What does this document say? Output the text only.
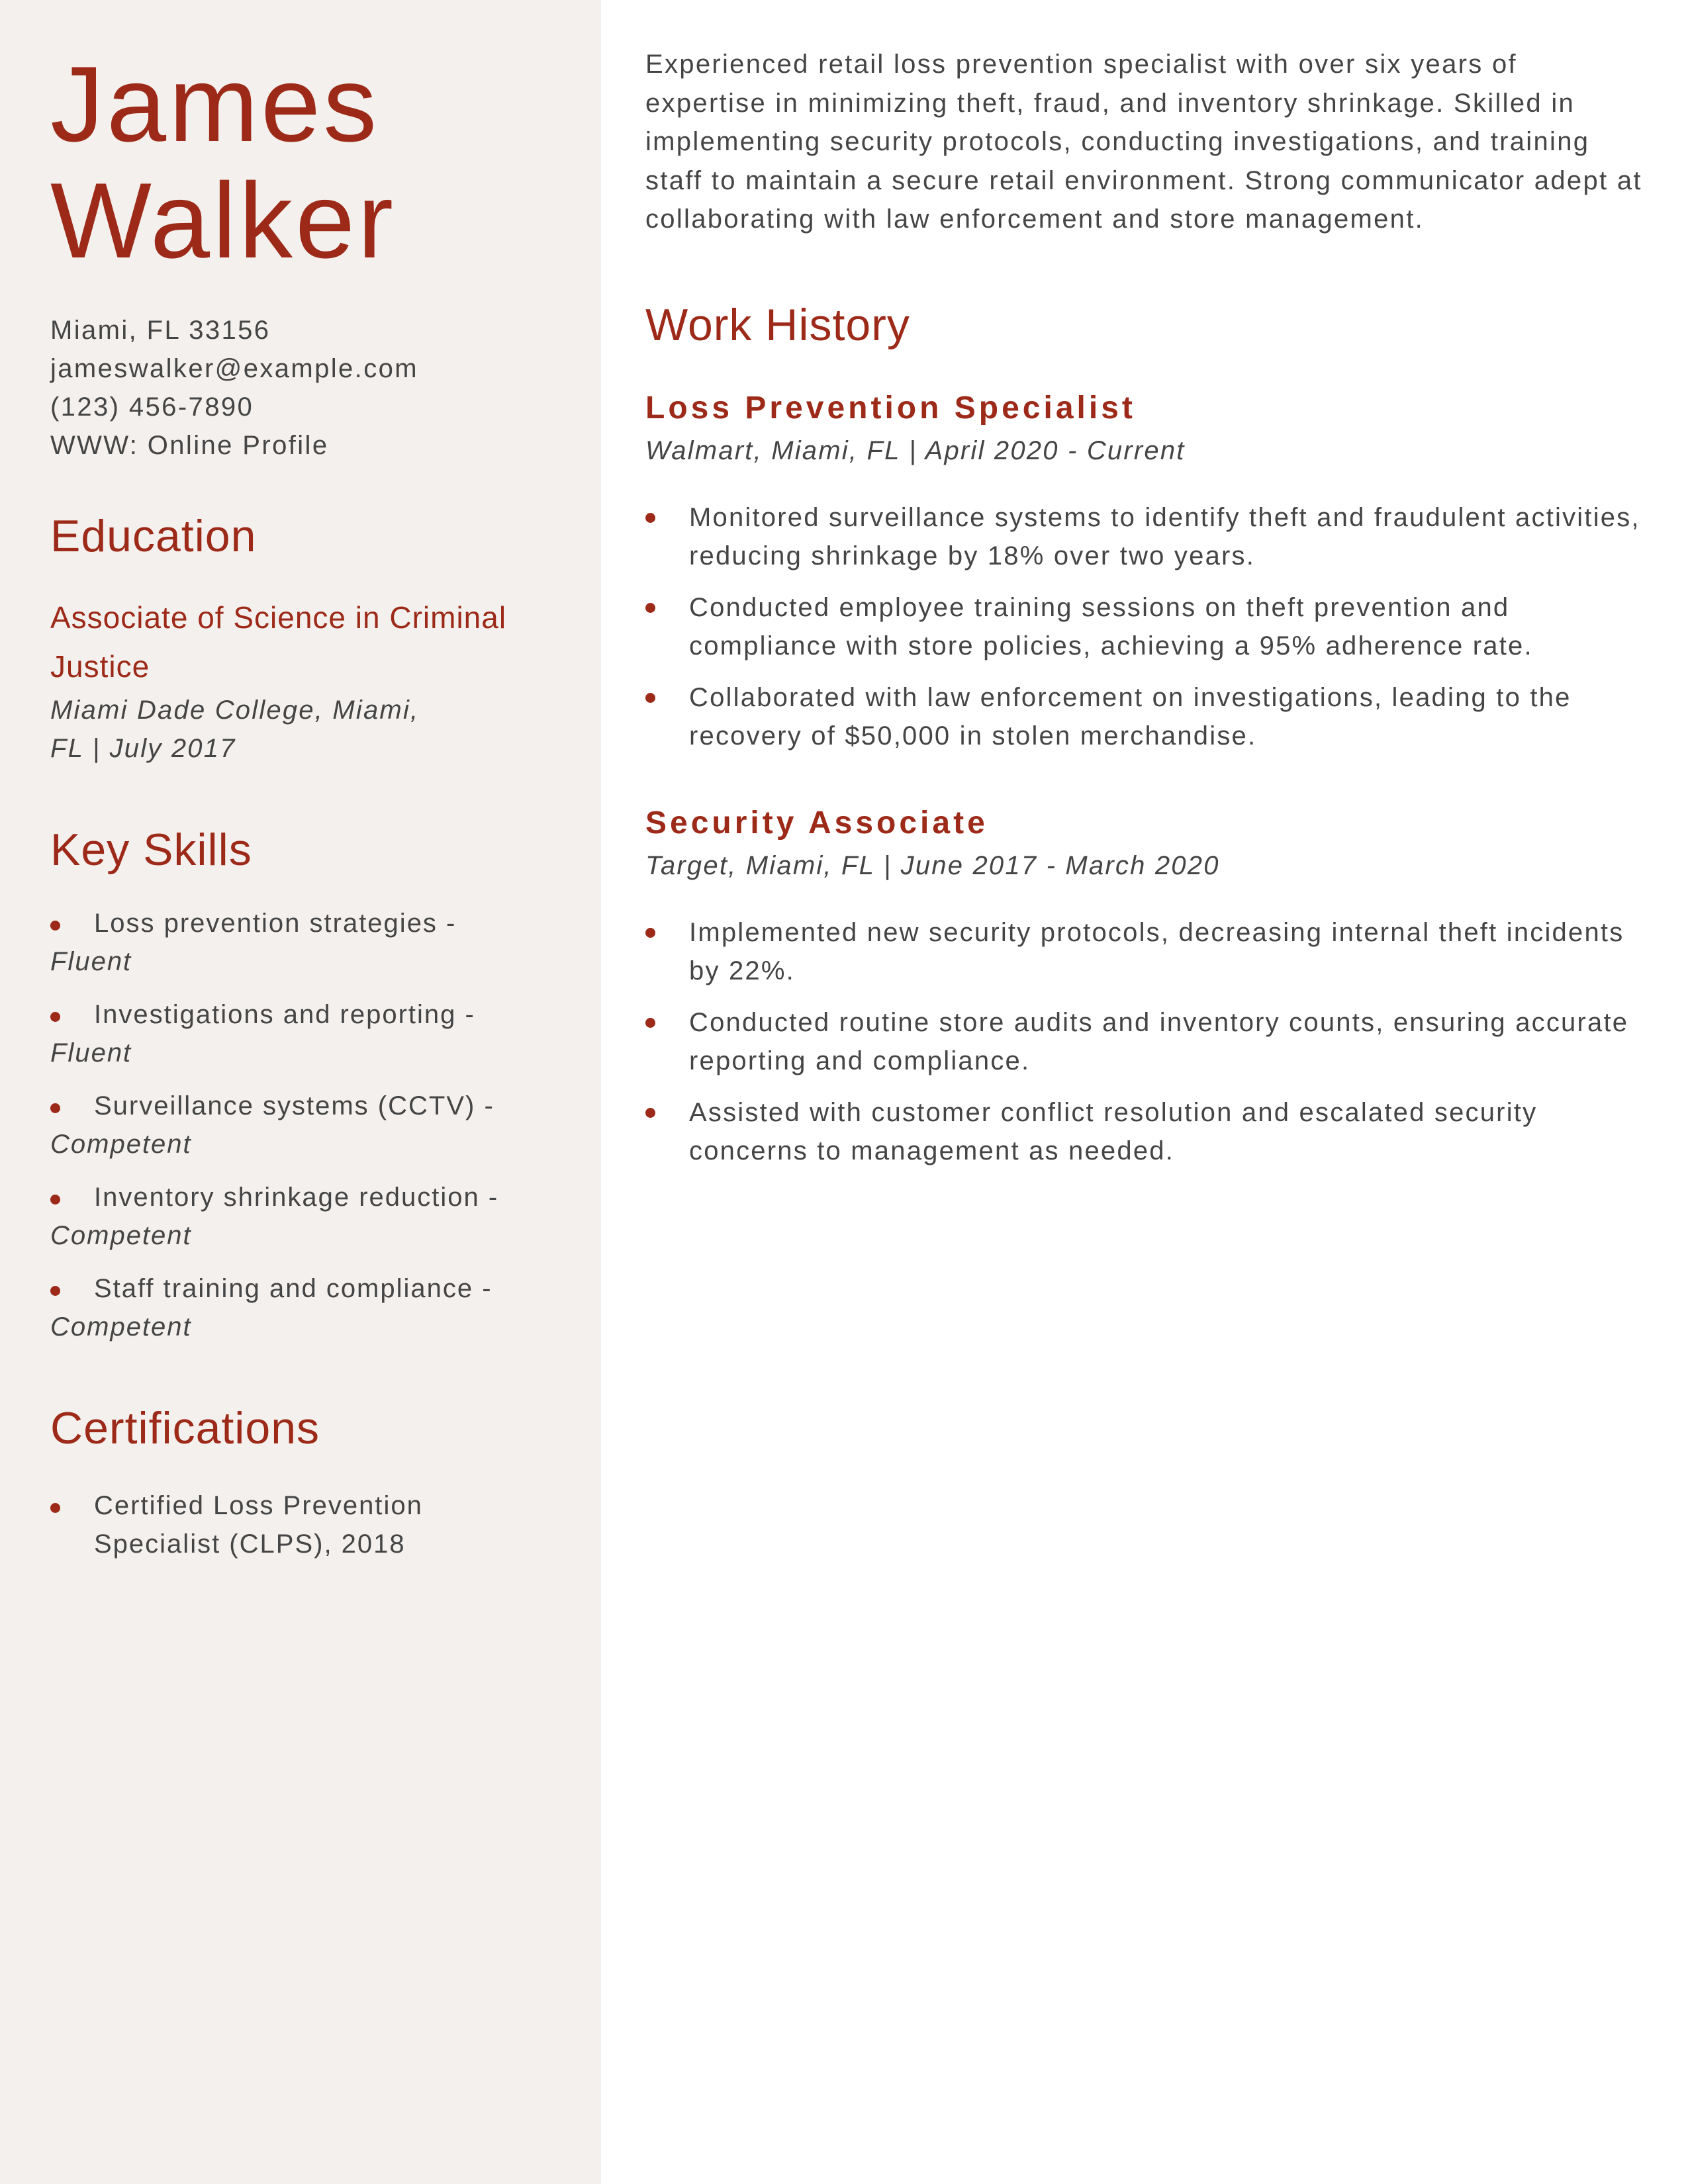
James
Walker
Miami, FL 33156
jameswalker@example.com
(123) 456-7890
WWW: Online Profile
Education
Associate of Science in Criminal Justice
Miami Dade College, Miami, FL | July 2017
Key Skills
Loss prevention strategies -
Fluent
Investigations and reporting -
Fluent
Surveillance systems (CCTV) -
Competent
Inventory shrinkage reduction -
Competent
Staff training and compliance -
Competent
Certifications
Certified Loss Prevention Specialist (CLPS), 2018

Experienced retail loss prevention specialist with over six years of expertise in minimizing theft, fraud, and inventory shrinkage. Skilled in implementing security protocols, conducting investigations, and training staff to maintain a secure retail environment. Strong communicator adept at collaborating with law enforcement and store management.

Work History
Loss Prevention Specialist
Walmart, Miami, FL | April 2020 - Current
Monitored surveillance systems to identify theft and fraudulent activities, reducing shrinkage by 18% over two years.
Conducted employee training sessions on theft prevention and compliance with store policies, achieving a 95% adherence rate.
Collaborated with law enforcement on investigations, leading to the recovery of $50,000 in stolen merchandise.
Security Associate
Target, Miami, FL | June 2017 - March 2020
Implemented new security protocols, decreasing internal theft incidents by 22%.
Conducted routine store audits and inventory counts, ensuring accurate reporting and compliance.
Assisted with customer conflict resolution and escalated security concerns to management as needed.
